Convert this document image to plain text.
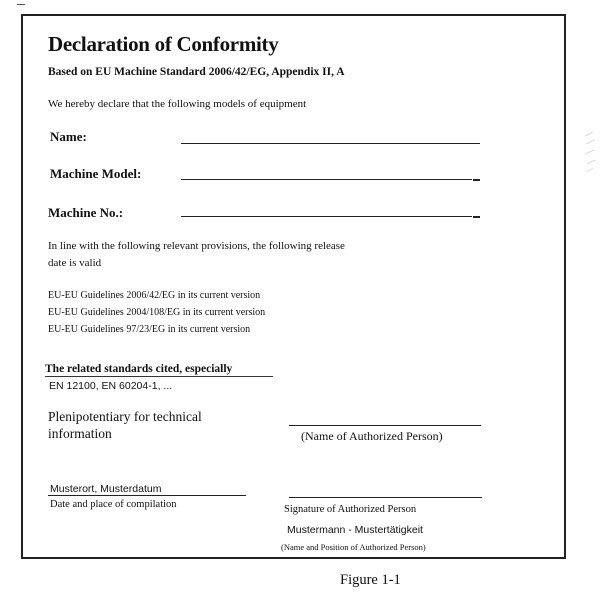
Declaration of Conformity
Based on EU Machine Standard 2006/42/EG, Appendix II, A
We hereby declare that the following models of equipment
Name:
Machine Model:
Machine No.:
In line with the following relevant provisions, the following release date is valid
EU-EU Guidelines 2006/42/EG in its current version
EU-EU Guidelines 2004/108/EG in its current version
EU-EU Guidelines 97/23/EG in its current version
The related standards cited, especially
EN 12100, EN 60204-1, ...
Plenipotentiary for technical information	(Name of Authorized Person)
Musterort, Musterdatum
Date and place of compilation	Signature of Authorized Person
Mustermann - Mustertätigkeit
(Name and Position of Authorized Person)
Figure 1-1
